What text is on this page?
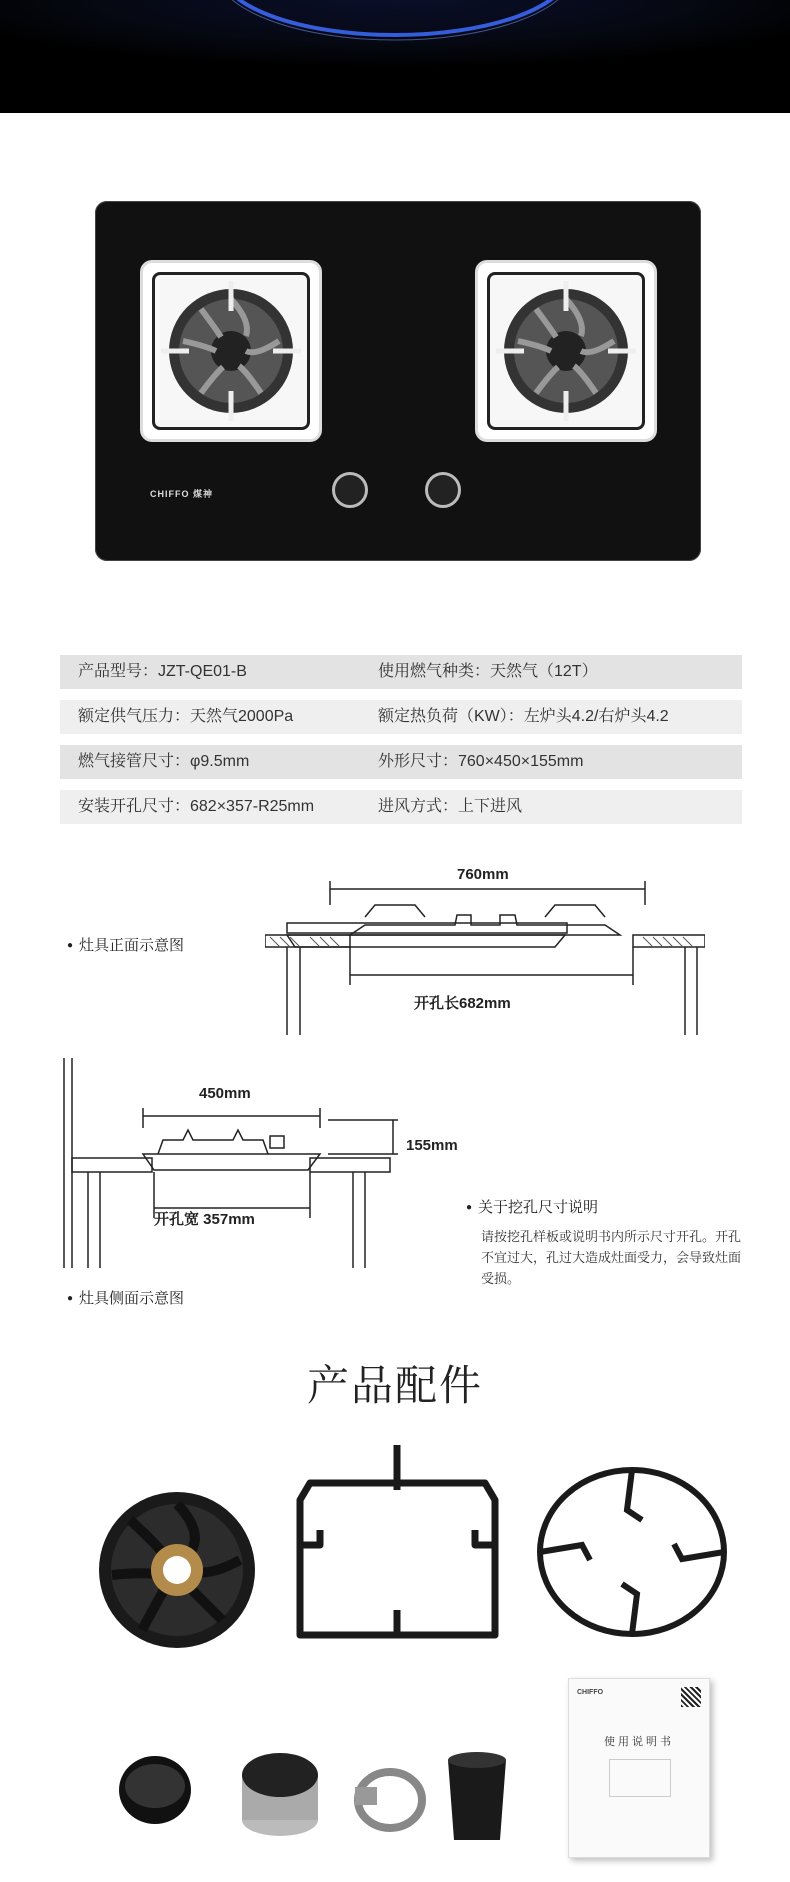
CHIFFO 煤神
产品型号：JZT-QE01-B	使用燃气种类：天然气（12T）
额定供气压力：天然气2000Pa	额定热负荷（KW）：左炉头4.2/右炉头4.2
燃气接管尺寸：φ9.5mm	外形尺寸：760×450×155mm
安装开孔尺寸：682×357-R25mm	进风方式：上下进风
760mm
开孔长682mm
● 灶具正面示意图
450mm
155mm
开孔宽 357mm
● 灶具侧面示意图
● 关于挖孔尺寸说明
请按挖孔样板或说明书内所示尺寸开孔。开孔不宜过大，孔过大造成灶面受力，会导致灶面受损。
产品配件
CHIFFO
使用说明书
